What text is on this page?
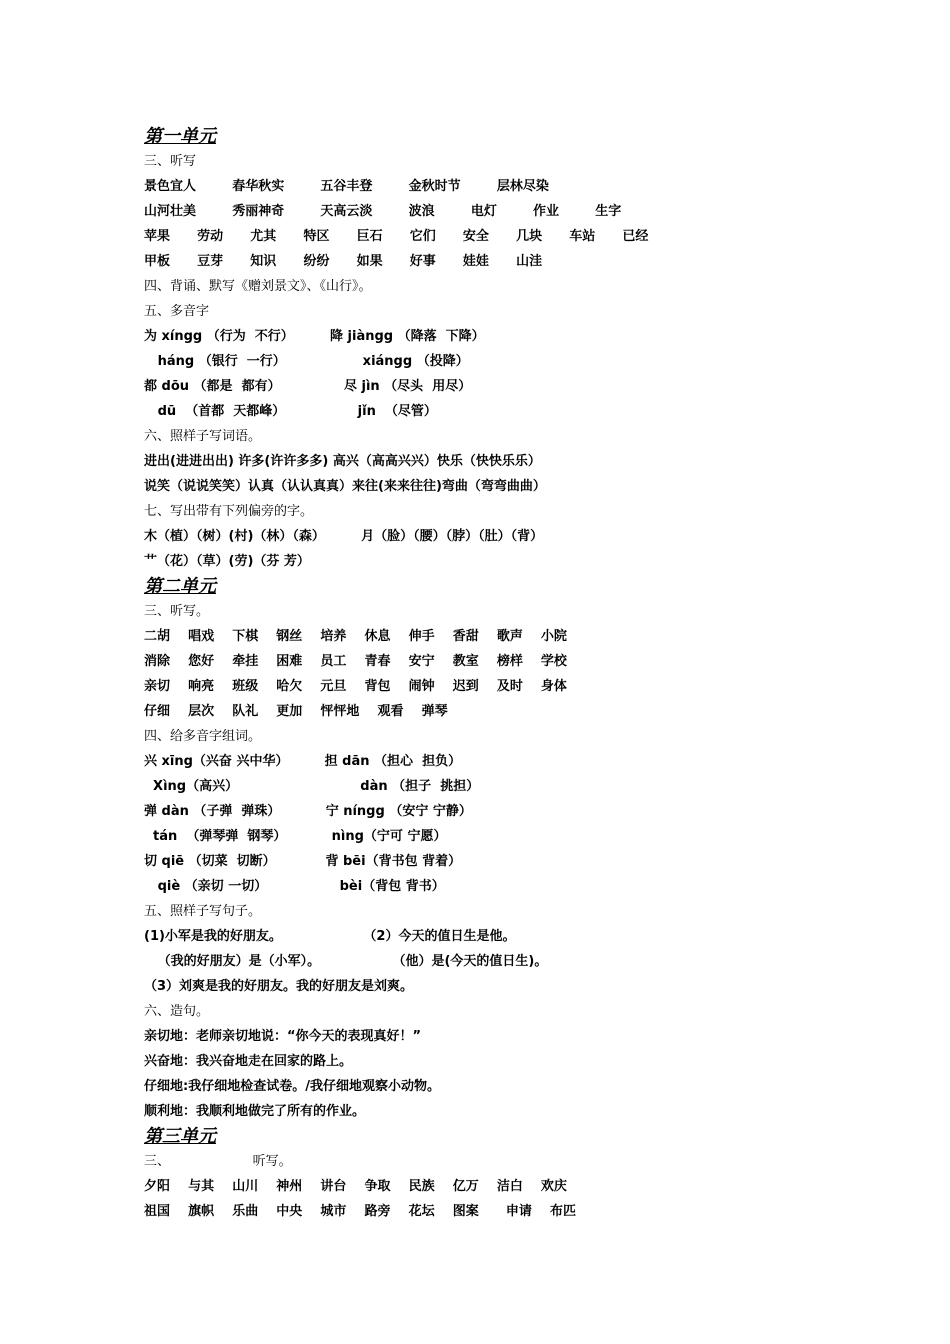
第一单元

三、听写

景色宜人        春华秋实        五谷丰登        金秋时节        层林尽染

山河壮美        秀丽神奇        天高云淡        波浪        电灯        作业        生字

苹果      劳动      尤其      特区      巨石      它们      安全      几块      车站      已经

甲板      豆芽      知识      纷纷      如果      好事      娃娃      山洼

四、背诵、默写《赠刘景文》、《山行》。

五、多音字

为 xíngg （行为  不行）        降 jiàngg （降落  下降）

háng （银行  一行）                 xiángg （投降）

都 dōu （都是  都有）              尽 jìn （尽头  用尽）

dū  （首都  天都峰）                jǐn  （尽管）

六、照样子写词语。

进出(进进出出) 许多(许许多多) 高兴（高高兴兴）快乐（快快乐乐）

说笑（说说笑笑）认真（认认真真）来往(来来往往)弯曲（弯弯曲曲）

七、写出带有下列偏旁的字。

木（植）（树）(村)（林）（森）        月（脸）（腰）（脖）（肚）（背）

艹（花）（草）(劳)（芬 芳）

第二单元

三、听写。

二胡    唱戏    下棋    钢丝    培养    休息    伸手    香甜    歌声    小院

消除    您好    牵挂    困难    员工    青春    安宁    教室    榜样    学校

亲切    响亮    班级    哈欠    元旦    背包    闹钟    迟到    及时    身体

仔细    层次    队礼    更加    怦怦地    观看    弹琴

四、给多音字组词。

兴 xīng（兴奋 兴中华）        担 dān （担心  担负）

Xìng（高兴）                           dàn （担子  挑担）

弹 dàn （子弹  弹珠）          宁 níngg （安宁 宁静）

tán  （弹琴弹  钢琴）          nìng（宁可 宁愿）

切 qiē （切菜  切断）           背 bēi（背书包 背着）

qiè （亲切 一切）                bèi（背包 背书）

五、照样子写句子。

(1)小军是我的好朋友。                  （2）今天的值日生是他。

（我的好朋友）是（小军）。                （他）是(今天的值日生)。

（3）刘爽是我的好朋友。我的好朋友是刘爽。

六、造句。

亲切地：老师亲切地说：“你今天的表现真好！”

兴奋地：我兴奋地走在回家的路上。

仔细地:我仔细地检查试卷。/我仔细地观察小动物。

顺利地：我顺利地做完了所有的作业。

第三单元

三、                    听写。

夕阳    与其    山川    神州    讲台    争取    民族    亿万    洁白    欢庆

祖国    旗帜    乐曲    中央    城市    路旁    花坛    图案      申请    布匹
